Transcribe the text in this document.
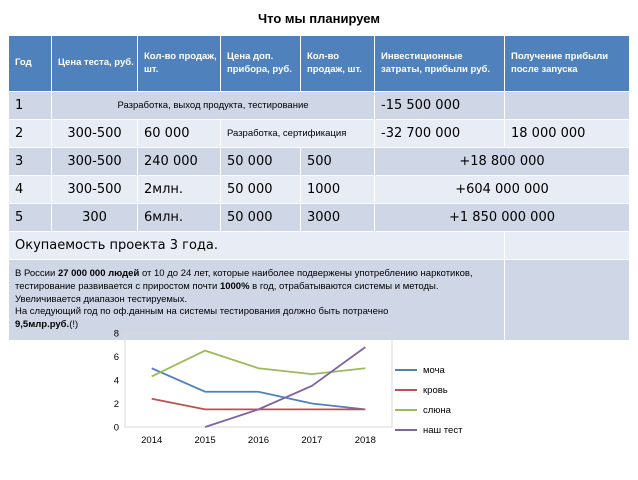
Что мы планируем
Год	Цена теста, руб.	Кол-во продаж, шт.	Цена доп. прибора, руб.	Кол-во продаж, шт.	Инвестиционные затраты, прибыли руб.	Получение прибыли после запуска
1	Разработка, выход продукта, тестирование				-15 500 000	
2	300-500	60 000	Разработка, сертификация		-32 700 000	18 000 000
3	300-500	240 000	50 000	500	+18 800 000	
4	300-500	2млн.	50 000	1000	+604 000 000	
5	300	6млн.	50 000	3000	+1 850 000 000	
Окупаемость проекта 3 года.						
В России 27 000 000 людей от 10 до 24 лет, которые наиболее подвержены употреблению наркотиков, тестирование развивается с приростом почти 1000% в год, отрабатываются системы и методы.
Увеличивается диапазон тестируемых.
На следующий год по оф.данным на системы тестирования должно быть потрачено
9,5млр.руб.(!)						
0
2
4
6
8
2014	2015	2016	2017	2018
моча
кровь
слюна
наш тест
